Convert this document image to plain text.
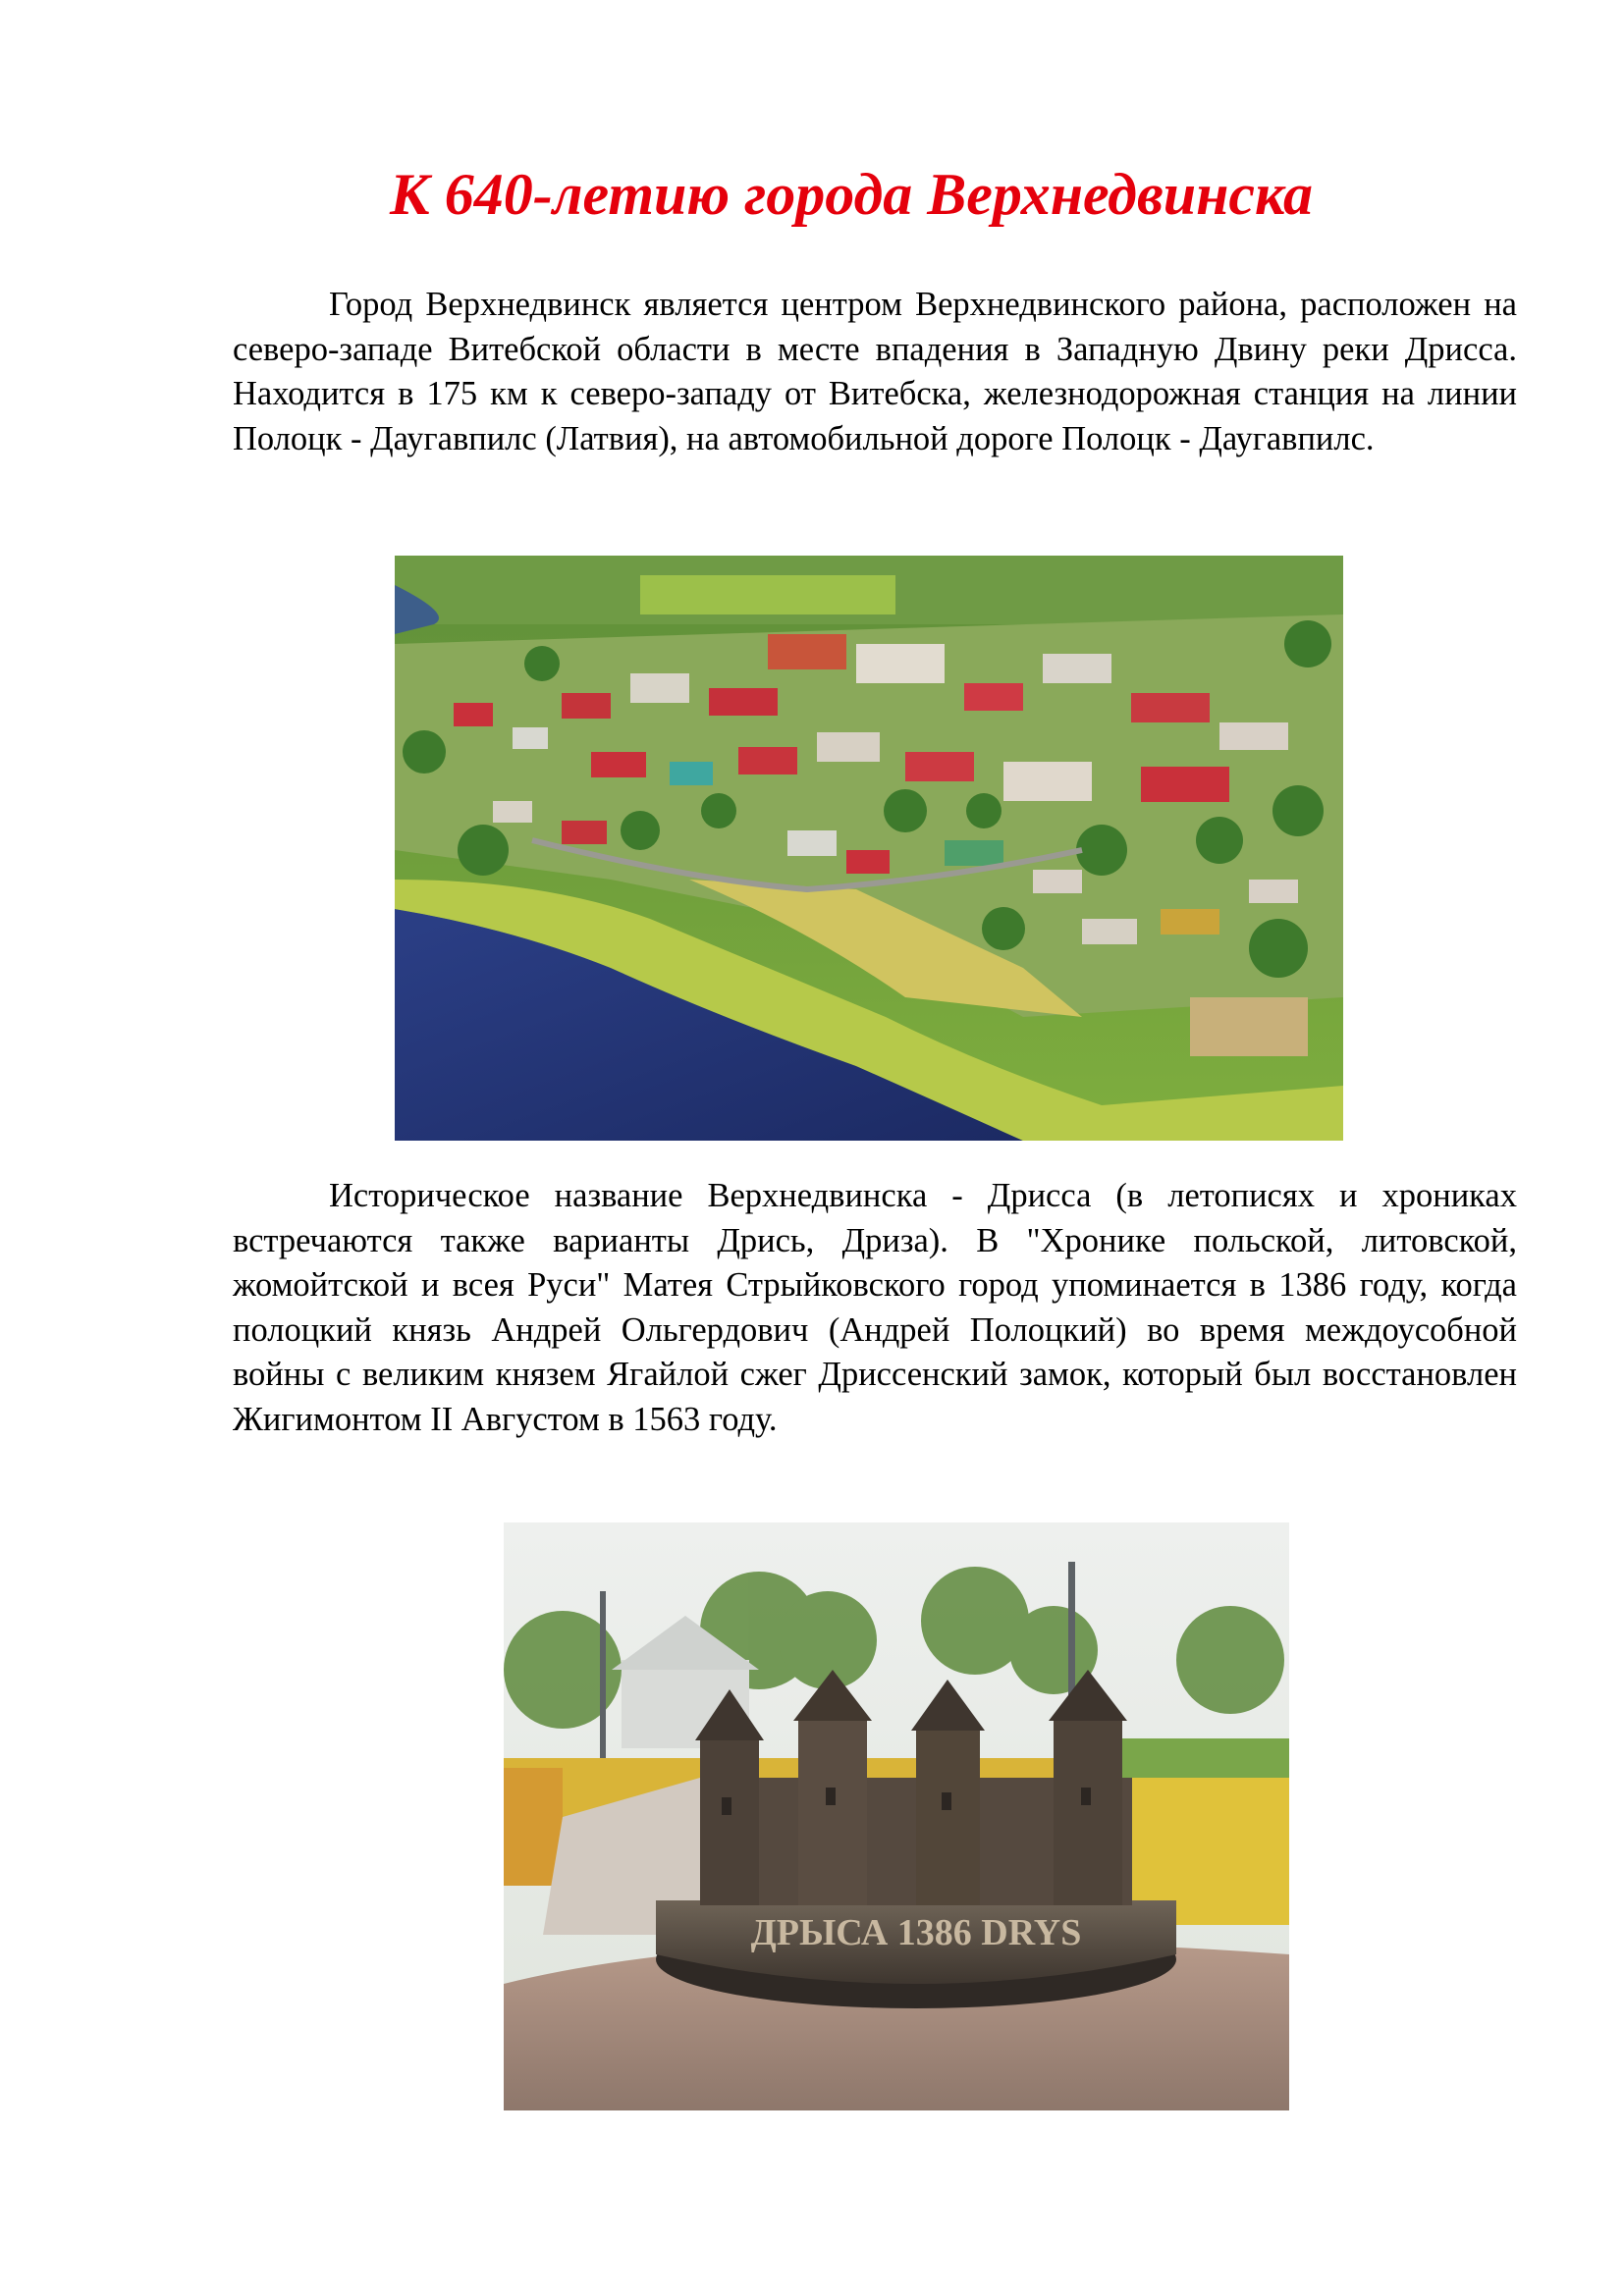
К 640-летию города Верхнедвинска

Город Верхнедвинск является центром Верхнедвинского района, расположен на северо-западе Витебской области в месте впадения в Западную Двину реки Дрисса. Находится в 175 км к северо-западу от Витебска, железнодорожная станция на линии Полоцк - Даугавпилс (Латвия), на автомобильной дороге Полоцк - Даугавпилс.

Историческое название Верхнедвинска - Дрисса (в летописях и хрониках встречаются также варианты Дрись, Дриза). В "Хронике польской, литовской, жомойтской и всея Руси" Матея Стрыйковского город упоминается в 1386 году, когда полоцкий князь Андрей Ольгердович (Андрей Полоцкий) во время междоусобной войны с великим князем Ягайлой сжег Дриссенский замок, который был восстановлен Жигимонтом II Августом в 1563 году.

ДРЫСА 1386 DRYS
